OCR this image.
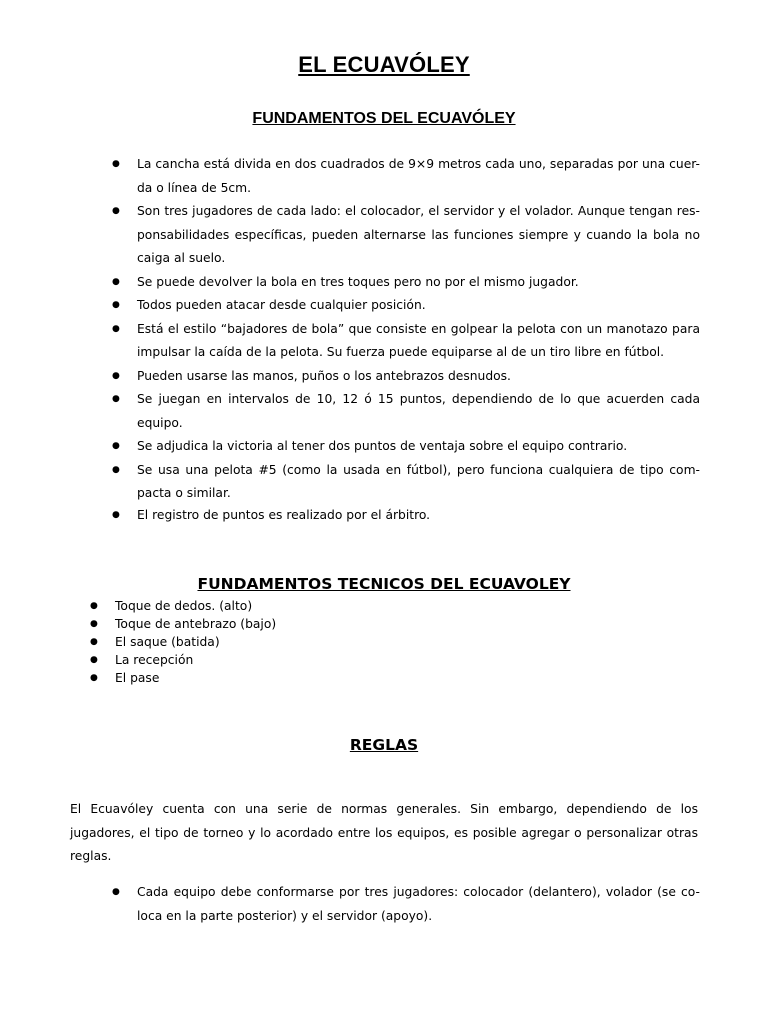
EL ECUAVÓLEY
FUNDAMENTOS DEL ECUAVÓLEY
● La cancha está divida en dos cuadrados de 9×9 metros cada uno, separadas por una cuer-da o línea de 5cm.
● Son tres jugadores de cada lado: el colocador, el servidor y el volador. Aunque tengan res-ponsabilidades específicas, pueden alternarse las funciones siempre y cuando la bola no caiga al suelo.
● Se puede devolver la bola en tres toques pero no por el mismo jugador.
● Todos pueden atacar desde cualquier posición.
● Está el estilo “bajadores de bola” que consiste en golpear la pelota con un manotazo para impulsar la caída de la pelota. Su fuerza puede equiparse al de un tiro libre en fútbol.
● Pueden usarse las manos, puños o los antebrazos desnudos.
● Se juegan en intervalos de 10, 12 ó 15 puntos, dependiendo de lo que acuerden cada equipo.
● Se adjudica la victoria al tener dos puntos de ventaja sobre el equipo contrario.
● Se usa una pelota #5 (como la usada en fútbol), pero funciona cualquiera de tipo com-pacta o similar.
● El registro de puntos es realizado por el árbitro.
FUNDAMENTOS TECNICOS DEL ECUAVOLEY
● Toque de dedos. (alto)
● Toque de antebrazo (bajo)
● El saque (batida)
● La recepción
● El pase
REGLAS

El Ecuavóley cuenta con una serie de normas generales. Sin embargo, dependiendo de los jugadores, el tipo de torneo y lo acordado entre los equipos, es posible agregar o personalizar otras reglas.

● Cada equipo debe conformarse por tres jugadores: colocador (delantero), volador (se co-loca en la parte posterior) y el servidor (apoyo).
